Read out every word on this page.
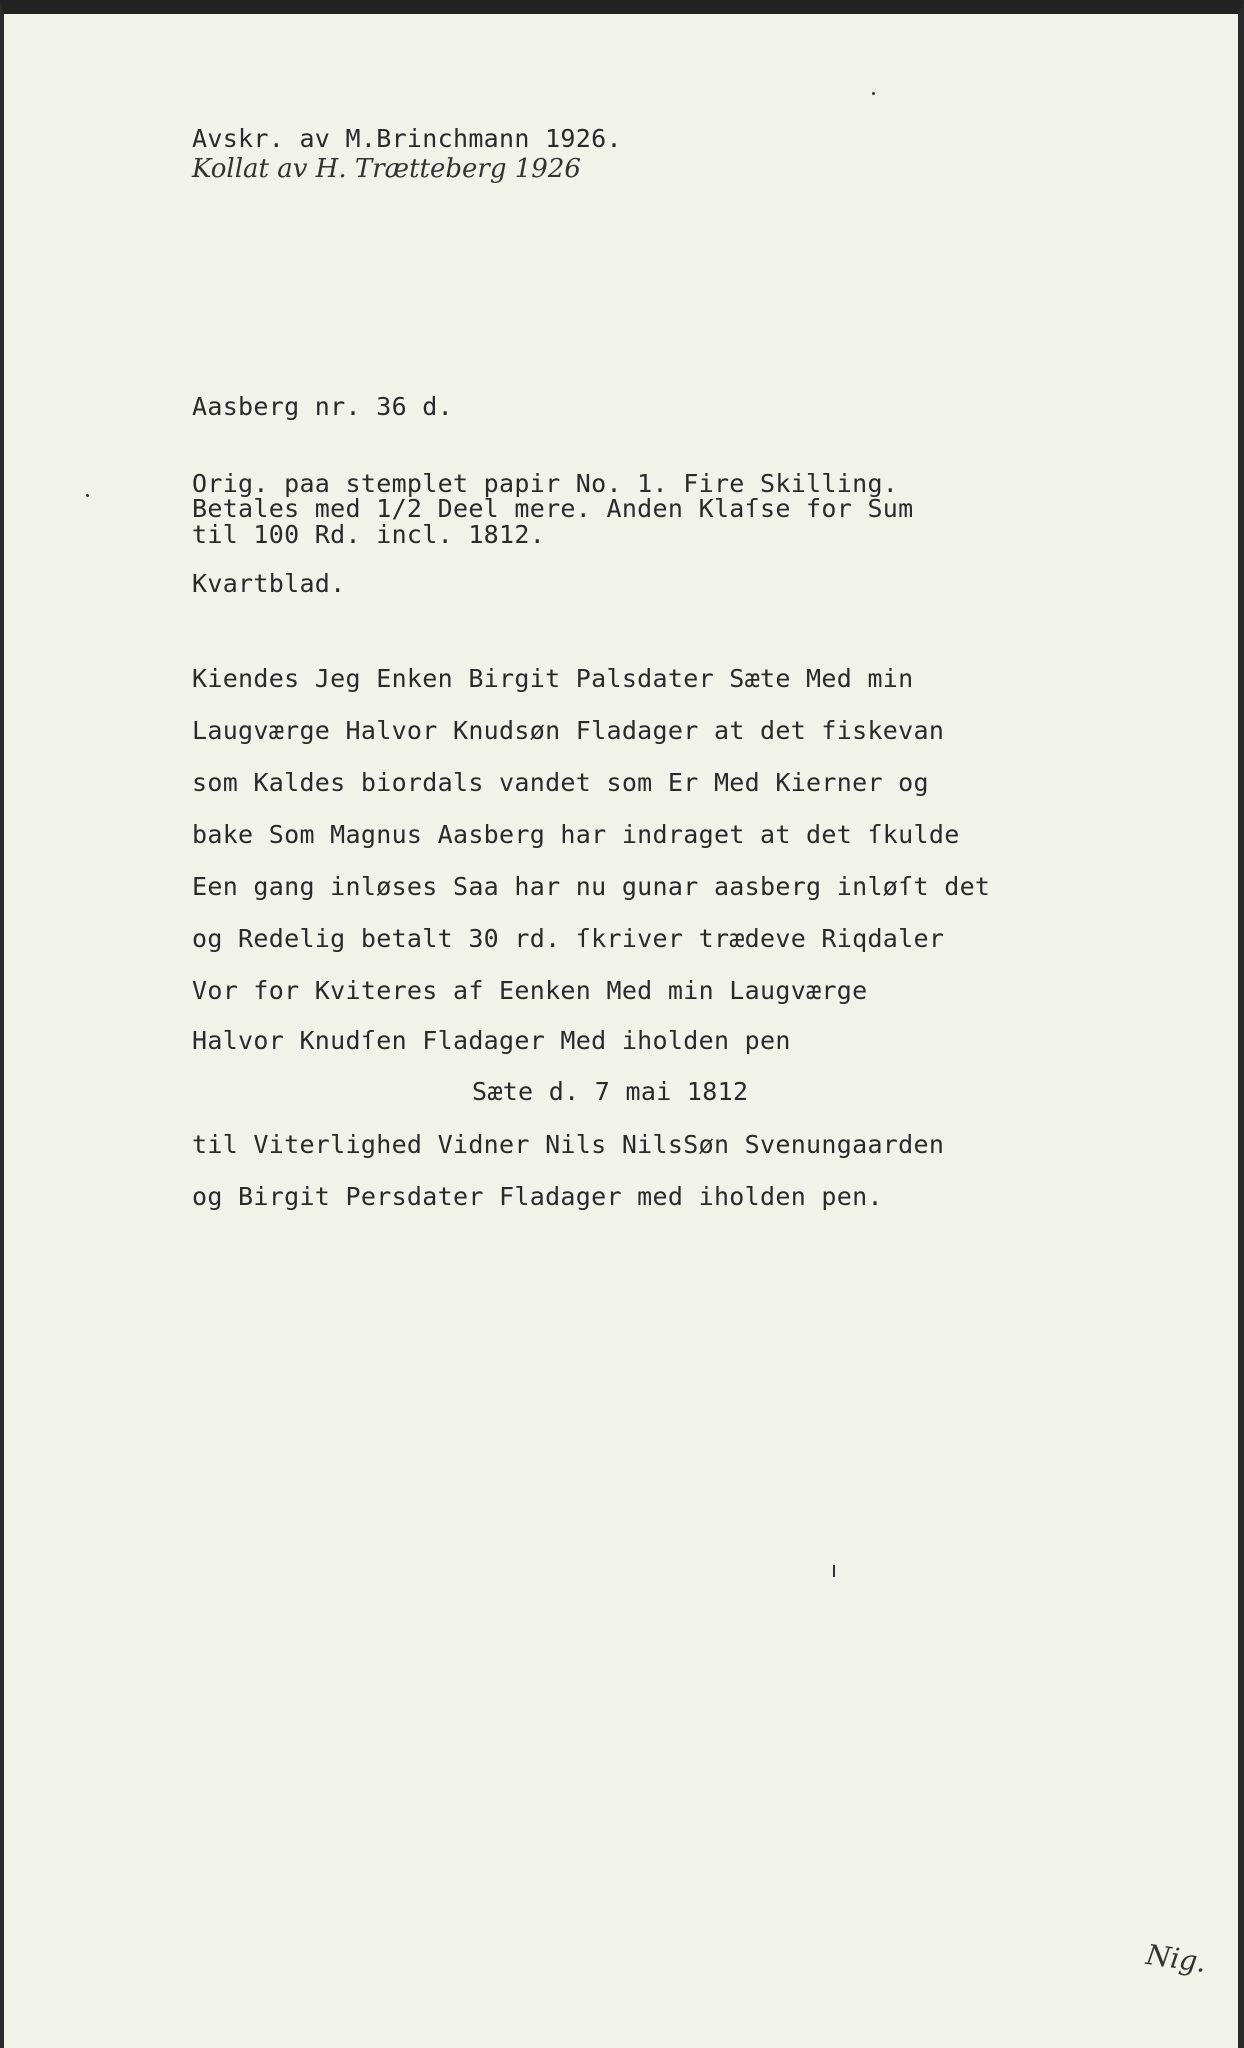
Avskr. av M.Brinchmann 1926.
Kollat av H. Trætteberg 1926
Aasberg nr. 36 d.
Orig. paa stemplet papir No. 1. Fire Skilling.
Betales med 1/2 Deel mere. Anden Klaſse for Sum
til 100 Rd. incl. 1812.
Kvartblad.
Kiendes Jeg Enken Birgit Palsdater Sæte Med min
Laugværge Halvor Knudsøn Fladager at det fiskevan
som Kaldes biordals vandet som Er Med Kierner og
bake Som Magnus Aasberg har indraget at det ſkulde
Een gang inløses Saa har nu gunar aasberg inløſt det
og Redelig betalt 30 rd. ſkriver trædeve Riqdaler
Vor for Kviteres af Eenken Med min Laugværge
Halvor Knudſen Fladager Med iholden pen
Sæte d. 7 mai 1812
til Viterlighed Vidner Nils NilsSøn Svenungaarden
og Birgit Persdater Fladager med iholden pen.
Nig.
